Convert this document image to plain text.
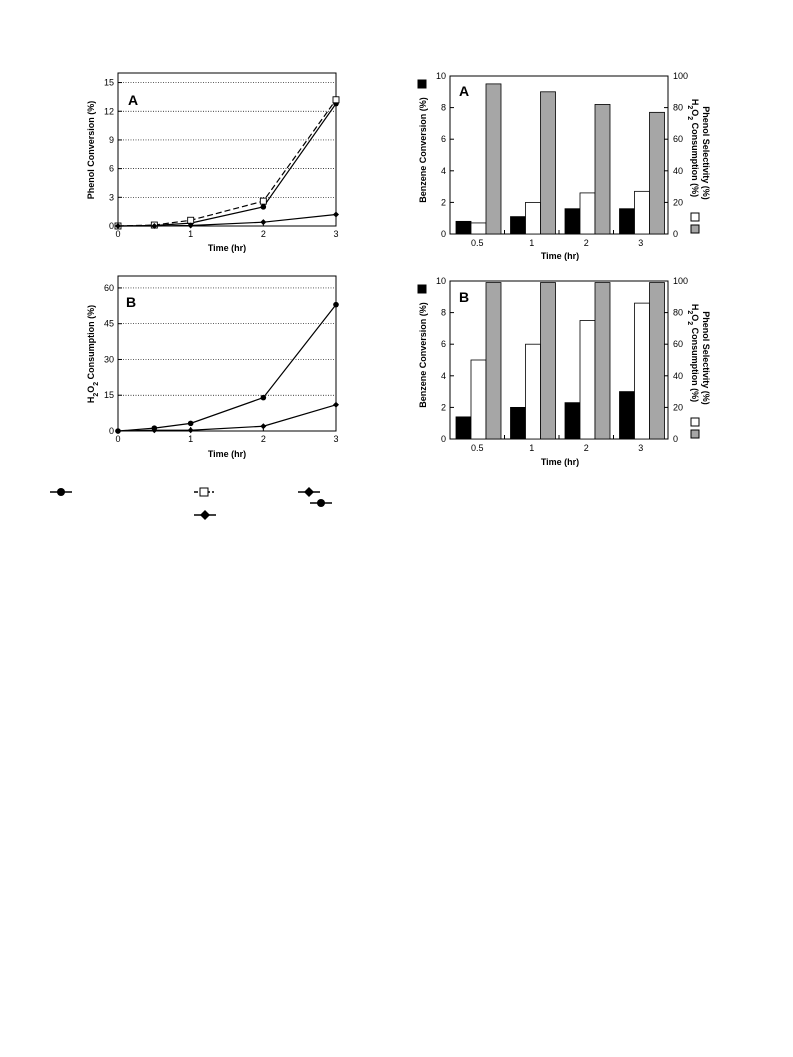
0
3
6
9
12
15
0	1	2	3
A
Time (hr)
Phenol Conversion (%)
0
15
30
45
60
0	1	2	3
B
Time (hr)
$H_2O_2$ Consumption (%)
0.5	1	2	3
0
2
4
6
8
10
0
20
40
60
80
100
A
Time (hr)
Benzene Conversion (%)	Phenol Selectivity (%)
$H_2O_2$ Consumption (%)
0.5	1	2	3
0
2
4
6
8
10
0
20
40
60
80
100
B
Time (hr)
Benzene Conversion (%)	Phenol Selectivity (%)
$H_2O_2$ Consumption (%)
